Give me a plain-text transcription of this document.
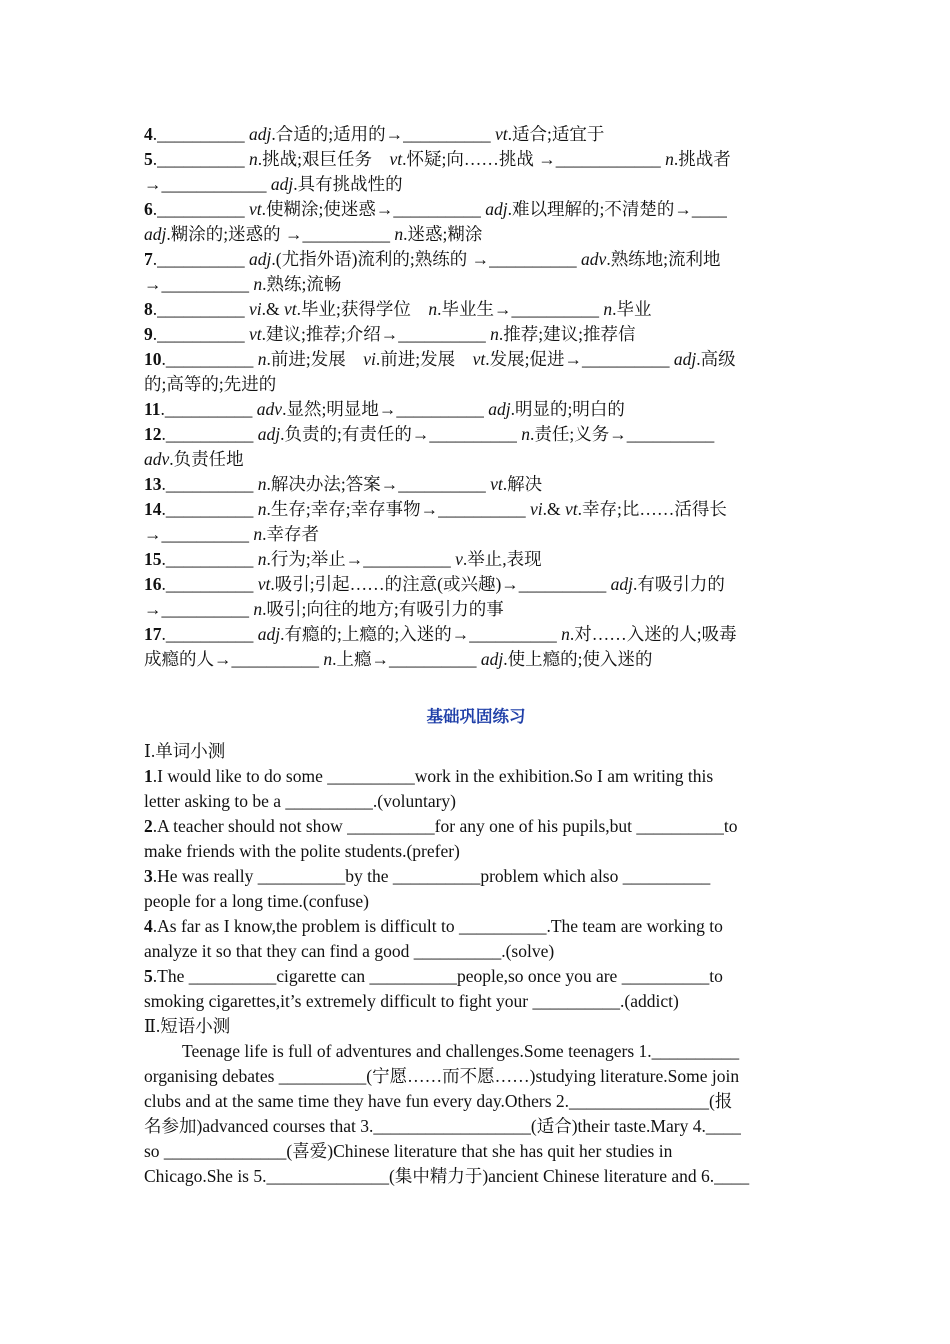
4.__________ adj.合适的;适用的→__________ vt.适合;适宜于
5.__________ n.挑战;艰巨任务　vt.怀疑;向……挑战 →____________ n.挑战者
→____________ adj.具有挑战性的
6.__________ vt.使糊涂;使迷惑→__________ adj.难以理解的;不清楚的→____
adj.糊涂的;迷惑的 →__________ n.迷惑;糊涂
7.__________ adj.(尤指外语)流利的;熟练的 →__________ adv.熟练地;流利地
→__________ n.熟练;流畅
8.__________ vi.& vt.毕业;获得学位　n.毕业生→__________ n.毕业
9.__________ vt.建议;推荐;介绍→__________ n.推荐;建议;推荐信
10.__________ n.前进;发展　vi.前进;发展　vt.发展;促进→__________ adj.高级
的;高等的;先进的
11.__________ adv.显然;明显地→__________ adj.明显的;明白的
12.__________ adj.负责的;有责任的→__________ n.责任;义务→__________
adv.负责任地
13.__________ n.解决办法;答案→__________ vt.解决
14.__________ n.生存;幸存;幸存事物→__________ vi.& vt.幸存;比……活得长
→__________ n.幸存者
15.__________ n.行为;举止→__________ v.举止,表现
16.__________ vt.吸引;引起……的注意(或兴趣)→__________ adj.有吸引力的
→__________ n.吸引;向往的地方;有吸引力的事
17.__________ adj.有瘾的;上瘾的;入迷的→__________ n.对……入迷的人;吸毒
成瘾的人→__________ n.上瘾→__________ adj.使上瘾的;使入迷的
基础巩固练习
Ⅰ.单词小测
1.I would like to do some __________work in the exhibition.So I am writing this
letter asking to be a __________.(voluntary)
2.A teacher should not show __________for any one of his pupils,but __________to
make friends with the polite students.(prefer)
3.He was really __________by the __________problem which also __________
people for a long time.(confuse)
4.As far as I know,the problem is difficult to __________.The team are working to
analyze it so that they can find a good __________.(solve)
5.The __________cigarette can __________people,so once you are __________to
smoking cigarettes,it’s extremely difficult to fight your __________.(addict)
Ⅱ.短语小测
Teenage life is full of adventures and challenges.Some teenagers 1.__________
organising debates __________(宁愿……而不愿……)studying literature.Some join
clubs and at the same time they have fun every day.Others 2.________________(报
名参加)advanced courses that 3.__________________(适合)their taste.Mary 4.____
so ______________(喜爱)Chinese literature that she has quit her studies in
Chicago.She is 5.______________(集中精力于)ancient Chinese literature and 6.____
